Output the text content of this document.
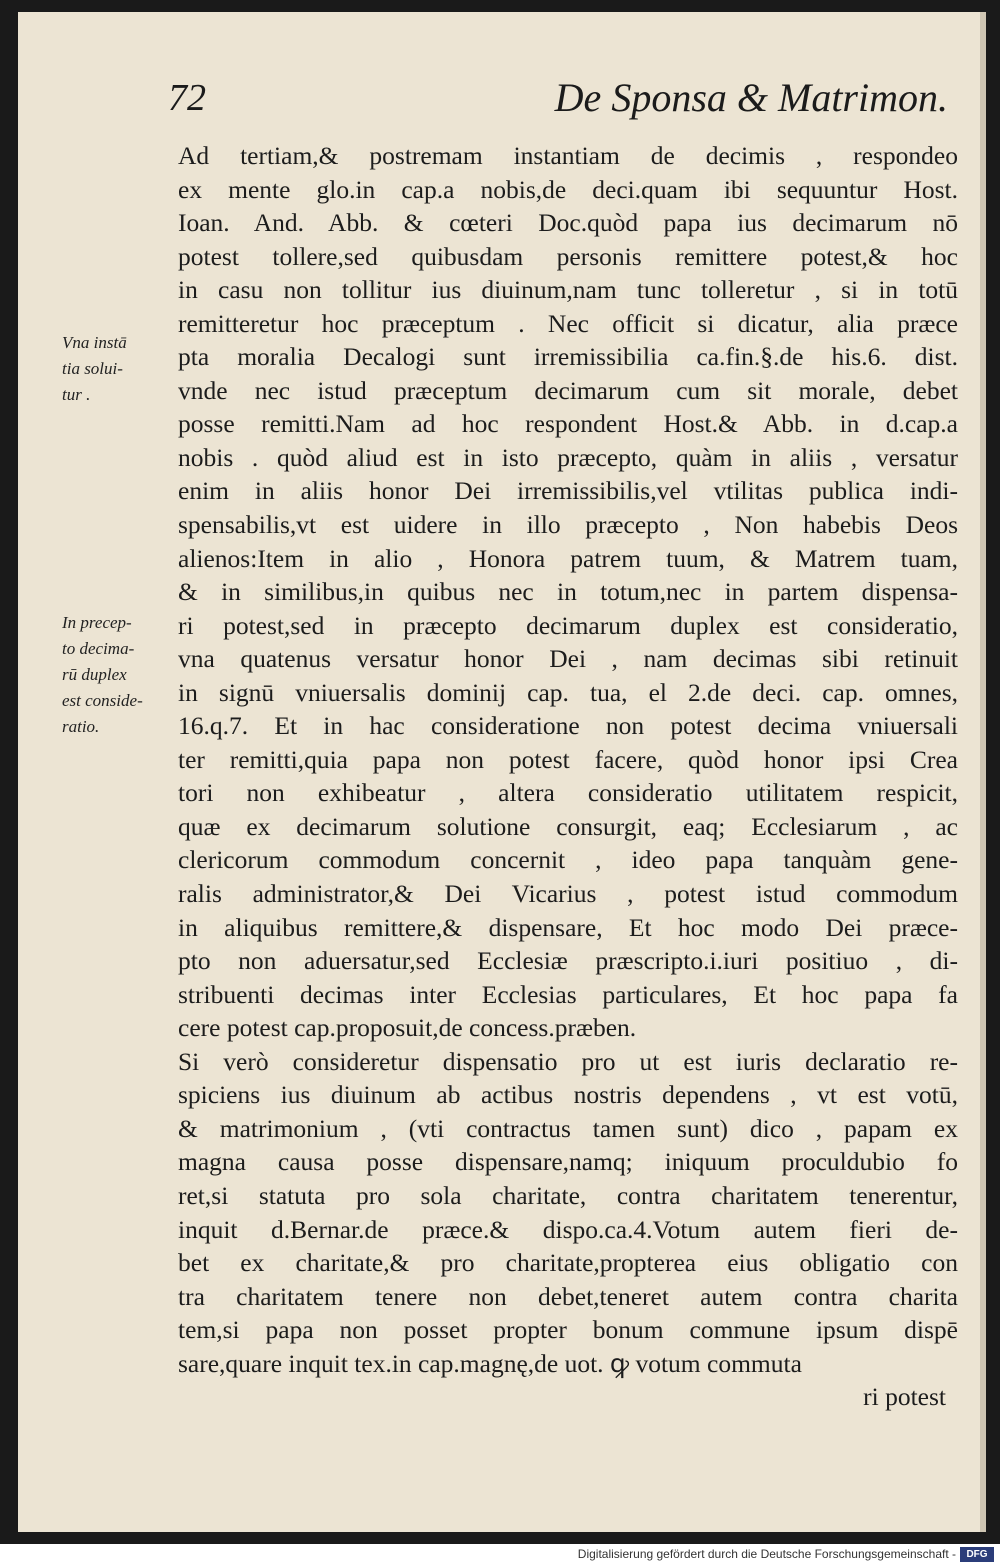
72	De Sponsa & Matrimon.
Vna instā
tia solui-
tur .
In precep-
to decima-
rū duplex
est conside-
ratio.
Ad tertiam,& postremam instantiam de decimis , respondeo
ex mente glo.in cap.a nobis,de deci.quam ibi sequuntur Host.
Ioan. And. Abb. & cœteri Doc.quòd papa ius decimarum nō
potest tollere,sed quibusdam personis remittere potest,& hoc
in casu non tollitur ius diuinum,nam tunc tolleretur , si in totū
remitteretur hoc præceptum . Nec officit si dicatur, alia præce
pta moralia Decalogi sunt irremissibilia ca.fin.§.de his.6. dist.
vnde nec istud præceptum decimarum cum sit morale, debet
posse remitti.Nam ad hoc respondent Host.& Abb. in d.cap.a
nobis . quòd aliud est in isto præcepto, quàm in aliis , versatur
enim in aliis honor Dei irremissibilis,vel vtilitas publica indi-
spensabilis,vt est uidere in illo præcepto , Non habebis Deos
alienos:Item in alio , Honora patrem tuum, & Matrem tuam,
& in similibus,in quibus nec in totum,nec in partem dispensa-
ri potest,sed in præcepto decimarum duplex est consideratio,
vna quatenus versatur honor Dei , nam decimas sibi retinuit
in signū vniuersalis dominij cap. tua, el 2.de deci. cap. omnes,
16.q.7. Et in hac consideratione non potest decima vniuersali
ter remitti,quia papa non potest facere, quòd honor ipsi Crea
tori non exhibeatur , altera consideratio utilitatem respicit,
quæ ex decimarum solutione consurgit, eaq; Ecclesiarum , ac
clericorum commodum concernit , ideo papa tanquàm gene-
ralis administrator,& Dei Vicarius , potest istud commodum
in aliquibus remittere,& dispensare, Et hoc modo Dei præce-
pto non aduersatur,sed Ecclesiæ præscripto.i.iuri positiuo , di-
stribuenti decimas inter Ecclesias particulares, Et hoc papa fa
cere potest cap.proposuit,de concess.præben.
Si verò consideretur dispensatio pro ut est iuris declaratio re-
spiciens ius diuinum ab actibus nostris dependens , vt est votū,
& matrimonium , (vti contractus tamen sunt) dico , papam ex
magna causa posse dispensare,namq; iniquum proculdubio fo
ret,si statuta pro sola charitate, contra charitatem tenerentur,
inquit d.Bernar.de præce.& dispo.ca.4.Votum autem fieri de-
bet ex charitate,& pro charitate,propterea eius obligatio con
tra charitatem tenere non debet,teneret autem contra charita
tem,si papa non posset propter bonum commune ipsum dispē
sare,quare inquit tex.in cap.magnę,de uot. ꝙ votum commuta
ri potest
Digitalisierung gefördert durch die Deutsche Forschungsgemeinschaft -	DFG
